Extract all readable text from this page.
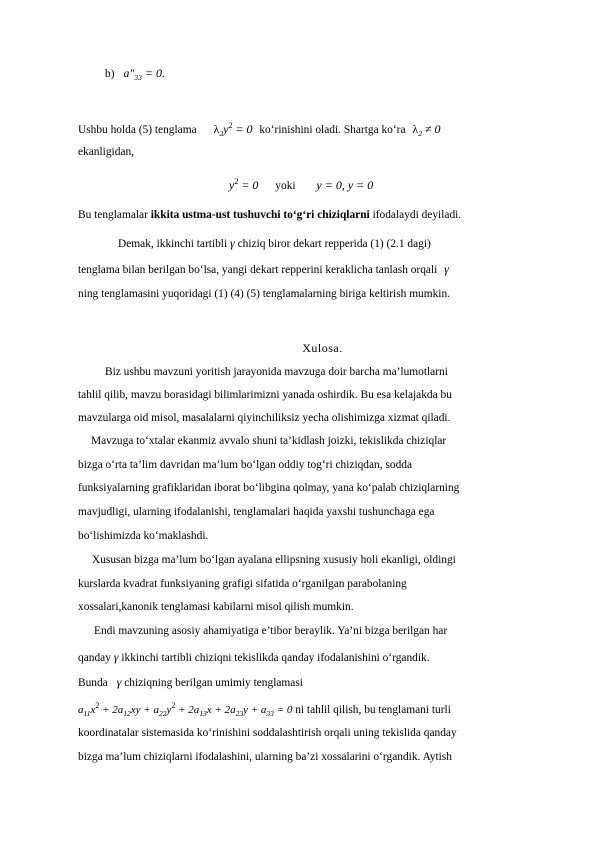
b) $a"_{33} = 0$.
Ushbu holda (5) tenglama $\lambda_2y^2 = 0$ ko‘rinishini oladi. Shartga ko‘ra $\lambda_2 \ne 0$
ekanligidan,
$y^2 = 0$ yoki y = 0, y = 0
Bu tenglamalar ikkita ustma-ust tushuvchi to‘g‘ri chiziqlarni ifodalaydi deyiladi.
Demak, ikkinchi tartibli γ chiziq biror dekart repperida (1) (2.1 dagi)
tenglama bilan berilgan bo‘lsa, yangi dekart repperini keraklicha tanlash orqali γ
ning tenglamasini yuqoridagi (1) (4) (5) tenglamalarning biriga keltirish mumkin.
Xulosa.
Biz ushbu mavzuni yoritish jarayonida mavzuga doir barcha ma’lumotlarni
tahlil qilib, mavzu borasidagi bilimlarimizni yanada oshirdik. Bu esa kelajakda bu
mavzularga oid misol, masalalarni qiyinchiliksiz yecha olishimizga xizmat qiladi.
Mavzuga to‘xtalar ekanmiz avvalo shuni ta’kidlash joizki, tekislikda chiziqlar
bizga o‘rta ta’lim davridan ma’lum bo‘lgan oddiy tog‘ri chiziqdan, sodda
funksiyalarning grafiklaridan iborat bo‘libgina qolmay, yana ko‘palab chiziqlarning
mavjudligi, ularning ifodalanishi, tenglamalari haqida yaxshi tushunchaga ega
bo‘lishimizda ko‘maklashdi.
Xususan bizga ma’lum bo‘lgan ayalana ellipsning xususiy holi ekanligi, oldingi
kurslarda kvadrat funksiyaning grafigi sifatida o‘rganilgan parabolaning
xossalari,kanonik tenglamasi kabilarni misol qilish mumkin.
Endi mavzuning asosiy ahamiyatiga e’tibor beraylik. Ya’ni bizga berilgan har
qanday γ ikkinchi tartibli chiziqni tekislikda qanday ifodalanishini o‘rgandik.
Bunda γ chiziqning berilgan umimiy tenglamasi
$a_{11}x^2 + 2a_{12}xy + a_{22}y^2 + 2a_{13}x + 2a_{23}y + a_{33} = 0$ ni tahlil qilish, bu tenglamani turli
koordinatalar sistemasida ko‘rinishini soddalashtirish orqali uning tekislida qanday
bizga ma’lum chiziqlarni ifodalashini, ularning ba’zi xossalarini o‘rgandik. Aytish
